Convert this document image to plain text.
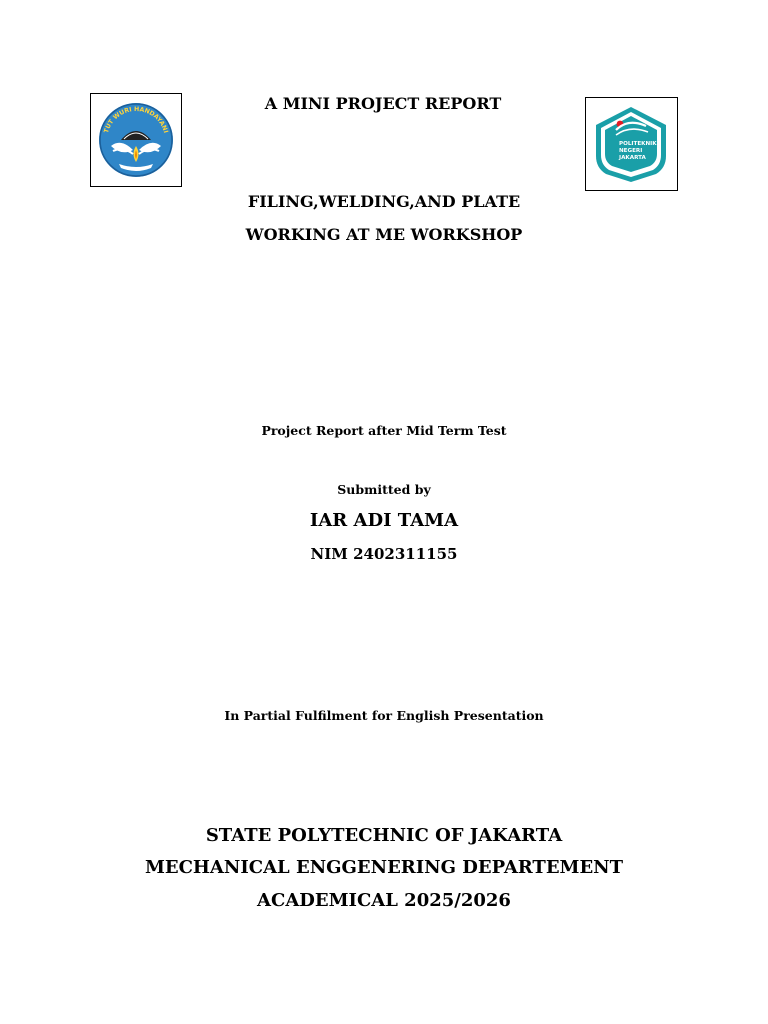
TUT WURI HANDAYANI
POLITEKNIK
NEGERI
JAKARTA
A MINI PROJECT REPORT
FILING,WELDING,AND PLATE
WORKING AT ME WORKSHOP
Project Report after Mid Term Test
Submitted by
IAR ADI TAMA
NIM 2402311155
In Partial Fulfilment for English Presentation
STATE POLYTECHNIC OF JAKARTA
MECHANICAL ENGGENERING DEPARTEMENT
ACADEMICAL 2025/2026
